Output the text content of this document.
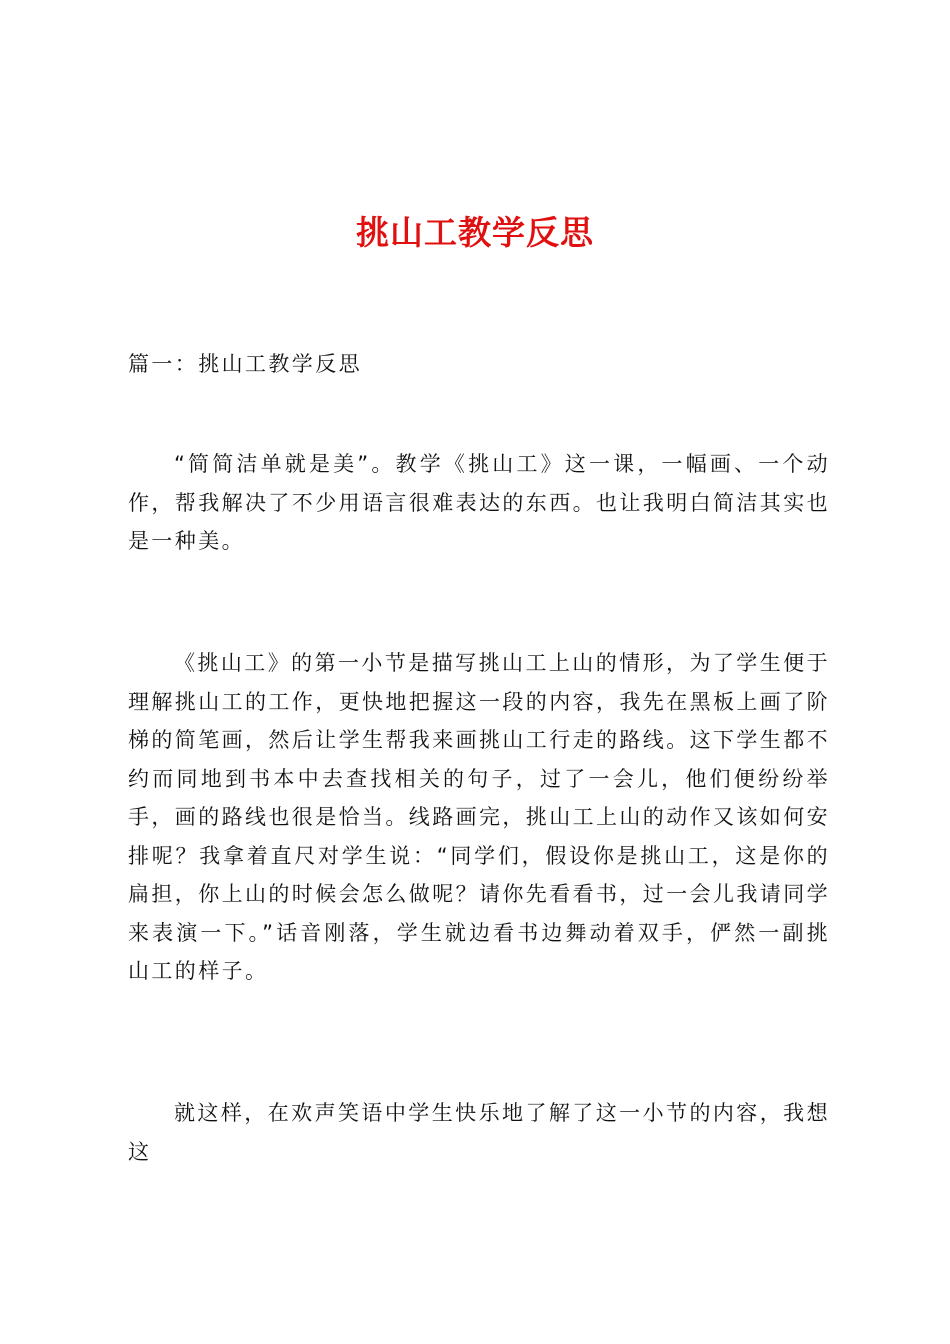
挑山工教学反思

篇一：挑山工教学反思

“简简洁单就是美”。教学《挑山工》这一课，一幅画、一个动作，帮我解决了不少用语言很难表达的东西。也让我明白简洁其实也是一种美。

《挑山工》的第一小节是描写挑山工上山的情形，为了学生便于理解挑山工的工作，更快地把握这一段的内容，我先在黑板上画了阶梯的简笔画，然后让学生帮我来画挑山工行走的路线。这下学生都不约而同地到书本中去查找相关的句子，过了一会儿，他们便纷纷举手，画的路线也很是恰当。线路画完，挑山工上山的动作又该如何安排呢？我拿着直尺对学生说：“同学们，假设你是挑山工，这是你的扁担，你上山的时候会怎么做呢？请你先看看书，过一会儿我请同学来表演一下。”话音刚落，学生就边看书边舞动着双手，俨然一副挑山工的样子。

就这样，在欢声笑语中学生快乐地了解了这一小节的内容，我想这
